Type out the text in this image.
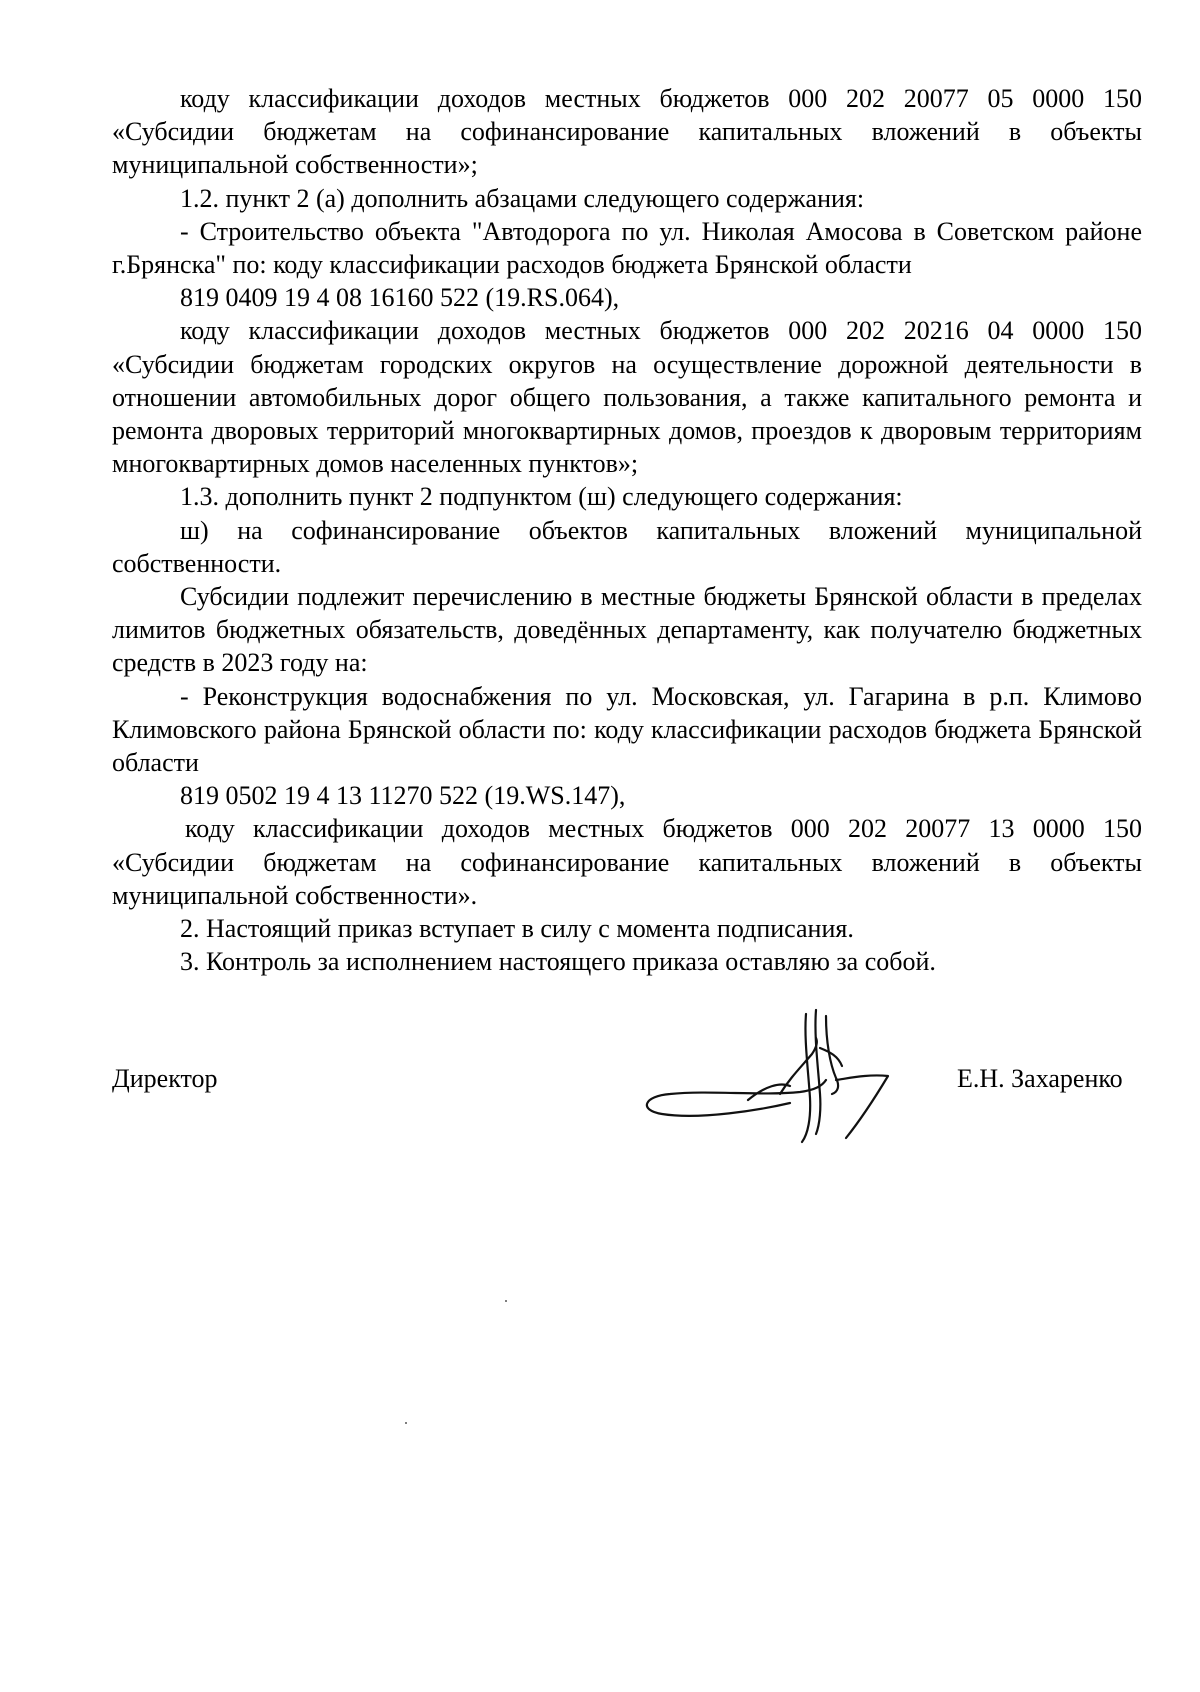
коду классификации доходов местных бюджетов 000 202 20077 05 0000 150 «Субсидии бюджетам на софинансирование капитальных вложений в объекты муниципальной собственности»;

1.2. пункт 2 (а) дополнить абзацами следующего содержания:

- Строительство объекта "Автодорога по ул. Николая Амосова в Советском районе г.Брянска" по: коду классификации расходов бюджета Брянской области

819 0409 19 4 08 16160 522 (19.RS.064),

коду классификации доходов местных бюджетов 000 202 20216 04 0000 150 «Субсидии бюджетам городских округов на осуществление дорожной деятельности в отношении автомобильных дорог общего пользования, а также капитального ремонта и ремонта дворовых территорий многоквартирных домов, проездов к дворовым территориям многоквартирных домов населенных пунктов»;

1.3. дополнить пункт 2 подпунктом (ш) следующего содержания:

ш) на софинансирование объектов капитальных вложений муниципальной собственности.

Субсидии подлежит перечислению в местные бюджеты Брянской области в пределах лимитов бюджетных обязательств, доведённых департаменту, как получателю бюджетных средств в 2023 году на:

- Реконструкция водоснабжения по ул. Московская, ул. Гагарина в р.п. Климово Климовского района Брянской области по: коду классификации расходов бюджета Брянской области

819 0502 19 4 13 11270 522 (19.WS.147),

коду классификации доходов местных бюджетов 000 202 20077 13 0000 150 «Субсидии бюджетам на софинансирование капитальных вложений в объекты муниципальной собственности».

2. Настоящий приказ вступает в силу с момента подписания.

3. Контроль за исполнением настоящего приказа оставляю за собой.

Директор	Е.Н. Захаренко
